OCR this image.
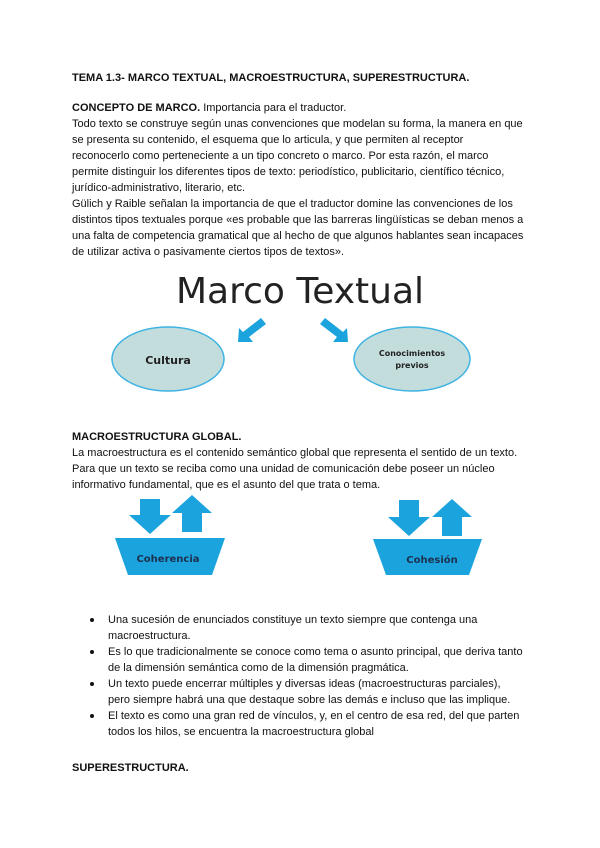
TEMA 1.3- MARCO TEXTUAL, MACROESTRUCTURA, SUPERESTRUCTURA.
CONCEPTO DE MARCO. Importancia para el traductor.
Todo texto se construye según unas convenciones que modelan su forma, la manera en que
se presenta su contenido, el esquema que lo articula, y que permiten al receptor
reconocerlo como perteneciente a un tipo concreto o marco. Por esta razón, el marco
permite distinguir los diferentes tipos de texto: periodístico, publicitario, científico técnico,
jurídico-administrativo, literario, etc.
Gülich y Raible señalan la importancia de que el traductor domine las convenciones de los
distintos tipos textuales porque «es probable que las barreras lingüísticas se deban menos a
una falta de competencia gramatical que al hecho de que algunos hablantes sean incapaces
de utilizar activa o pasivamente ciertos tipos de textos».
Marco Textual
Cultura
Conocimientos
previos
Coherencia	Cohesión
MACROESTRUCTURA GLOBAL.
La macroestructura es el contenido semántico global que representa el sentido de un texto.
Para que un texto se reciba como una unidad de comunicación debe poseer un núcleo
informativo fundamental, que es el asunto del que trata o tema.
Una sucesión de enunciados constituye un texto siempre que contenga una
macroestructura.
Es lo que tradicionalmente se conoce como tema o asunto principal, que deriva tanto
de la dimensión semántica como de la dimensión pragmática.
Un texto puede encerrar múltiples y diversas ideas (macroestructuras parciales),
pero siempre habrá una que destaque sobre las demás e incluso que las implique.
El texto es como una gran red de vínculos, y, en el centro de esa red, del que parten
todos los hilos, se encuentra la macroestructura global
SUPERESTRUCTURA.
